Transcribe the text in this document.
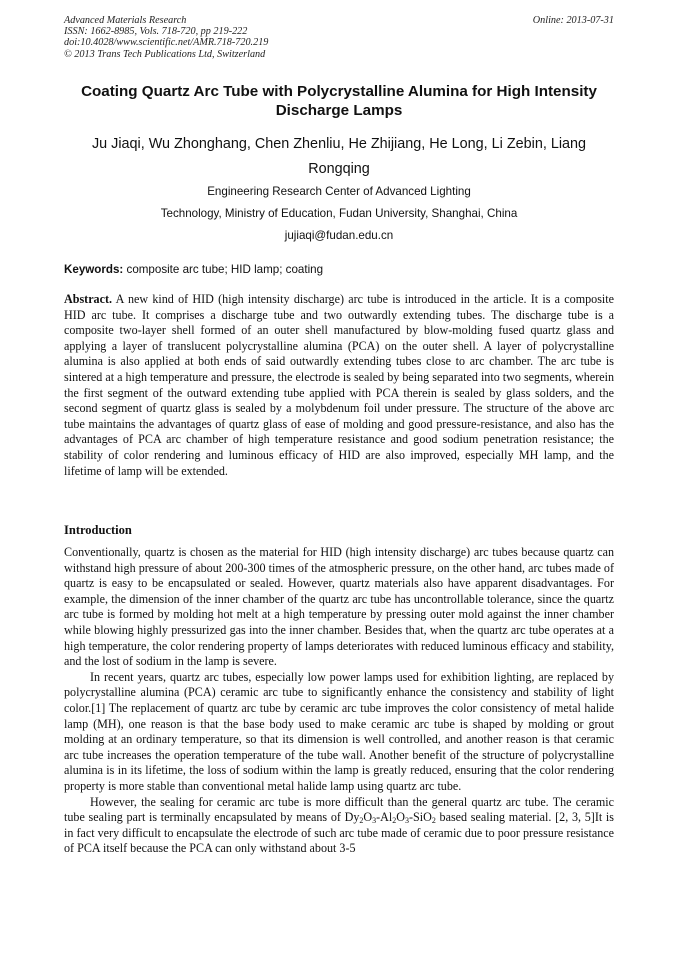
Advanced Materials Research
ISSN: 1662-8985, Vols. 718-720, pp 219-222
doi:10.4028/www.scientific.net/AMR.718-720.219
© 2013 Trans Tech Publications Ltd, Switzerland
Online: 2013-07-31
Coating Quartz Arc Tube with Polycrystalline Alumina for High Intensity Discharge Lamps
Ju Jiaqi, Wu Zhonghang, Chen Zhenliu, He Zhijiang, He Long, Li Zebin, Liang Rongqing
Engineering Research Center of Advanced Lighting
Technology, Ministry of Education, Fudan University, Shanghai, China
jujiaqi@fudan.edu.cn
Keywords: composite arc tube; HID lamp; coating
Abstract. A new kind of HID (high intensity discharge) arc tube is introduced in the article. It is a composite HID arc tube. It comprises a discharge tube and two outwardly extending tubes. The discharge tube is a composite two-layer shell formed of an outer shell manufactured by blow-molding fused quartz glass and applying a layer of translucent polycrystalline alumina (PCA) on the outer shell. A layer of polycrystalline alumina is also applied at both ends of said outwardly extending tubes close to arc chamber. The arc tube is sintered at a high temperature and pressure, the electrode is sealed by being separated into two segments, wherein the first segment of the outward extending tube applied with PCA therein is sealed by glass solders, and the second segment of quartz glass is sealed by a molybdenum foil under pressure. The structure of the above arc tube maintains the advantages of quartz glass of ease of molding and good pressure-resistance, and also has the advantages of PCA arc chamber of high temperature resistance and good sodium penetration resistance; the stability of color rendering and luminous efficacy of HID are also improved, especially MH lamp, and the lifetime of lamp will be extended.
Introduction

Conventionally, quartz is chosen as the material for HID (high intensity discharge) arc tubes because quartz can withstand high pressure of about 200-300 times of the atmospheric pressure, on the other hand, arc tubes made of quartz is easy to be encapsulated or sealed. However, quartz materials also have apparent disadvantages. For example, the dimension of the inner chamber of the quartz arc tube has uncontrollable tolerance, since the quartz arc tube is formed by molding hot melt at a high temperature by pressing outer mold against the inner chamber while blowing highly pressurized gas into the inner chamber. Besides that, when the quartz arc tube operates at a high temperature, the color rendering property of lamps deteriorates with reduced luminous efficacy and stability, and the lost of sodium in the lamp is severe.

In recent years, quartz arc tubes, especially low power lamps used for exhibition lighting, are replaced by polycrystalline alumina (PCA) ceramic arc tube to significantly enhance the consistency and stability of light color.[1] The replacement of quartz arc tube by ceramic arc tube improves the color consistency of metal halide lamp (MH), one reason is that the base body used to make ceramic arc tube is shaped by molding or grout molding at an ordinary temperature, so that its dimension is well controlled, and another reason is that ceramic arc tube increases the operation temperature of the tube wall. Another benefit of the structure of polycrystalline alumina is in its lifetime, the loss of sodium within the lamp is greatly reduced, ensuring that the color rendering property is more stable than conventional metal halide lamp using quartz arc tube.

However, the sealing for ceramic arc tube is more difficult than the general quartz arc tube. The ceramic tube sealing part is terminally encapsulated by means of $Dy_2O_3-Al_2O_3-SiO_2$ based sealing material. [2, 3, 5]It is in fact very difficult to encapsulate the electrode of such arc tube made of ceramic due to poor pressure resistance of PCA itself because the PCA can only withstand about 3-5
